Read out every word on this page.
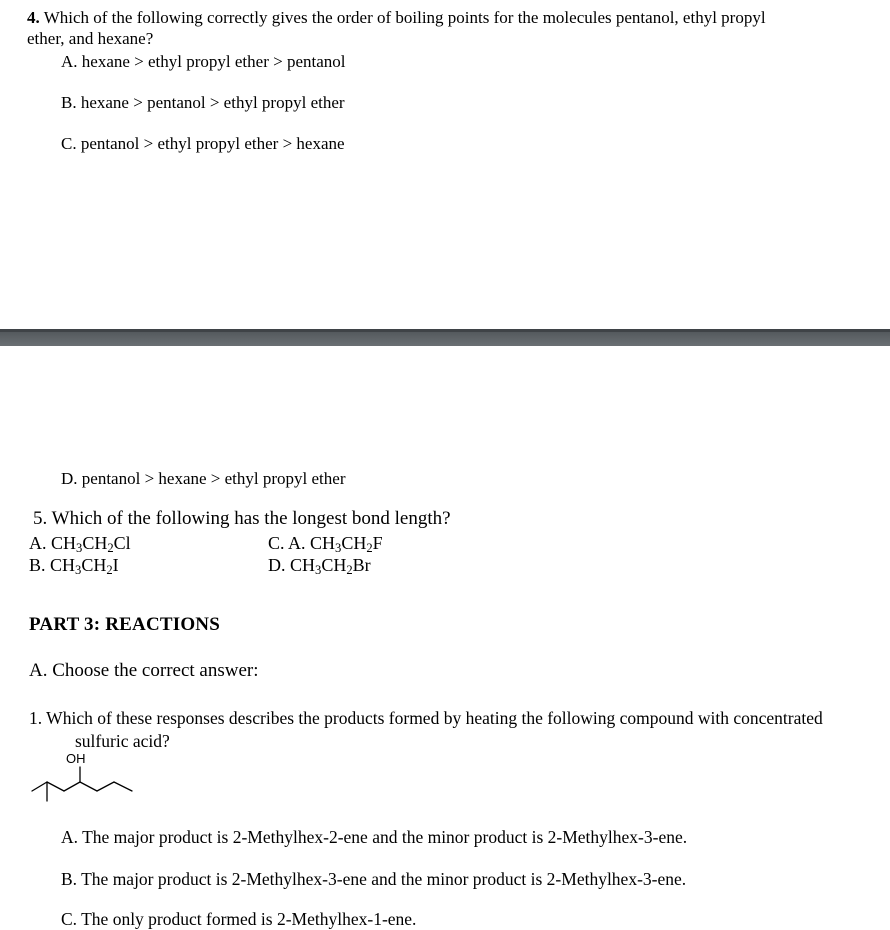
4. Which of the following correctly gives the order of boiling points for the molecules pentanol, ethyl propyl
ether, and hexane?
A. hexane > ethyl propyl ether > pentanol
B. hexane > pentanol > ethyl propyl ether
C. pentanol > ethyl propyl ether > hexane
D. pentanol > hexane > ethyl propyl ether
5. Which of the following has the longest bond length?
A. $CH_3CH_2Cl$
B. $CH_3CH_2I$
C. A. $CH_3CH_2F$
D. $CH_3CH_2Br$
PART 3: REACTIONS
A. Choose the correct answer:
1. Which of these responses describes the products formed by heating the following compound with concentrated
sulfuric acid?
OH
A. The major product is 2-Methylhex-2-ene and the minor product is 2-Methylhex-3-ene.
B. The major product is 2-Methylhex-3-ene and the minor product is 2-Methylhex-3-ene.
C. The only product formed is 2-Methylhex-1-ene.
